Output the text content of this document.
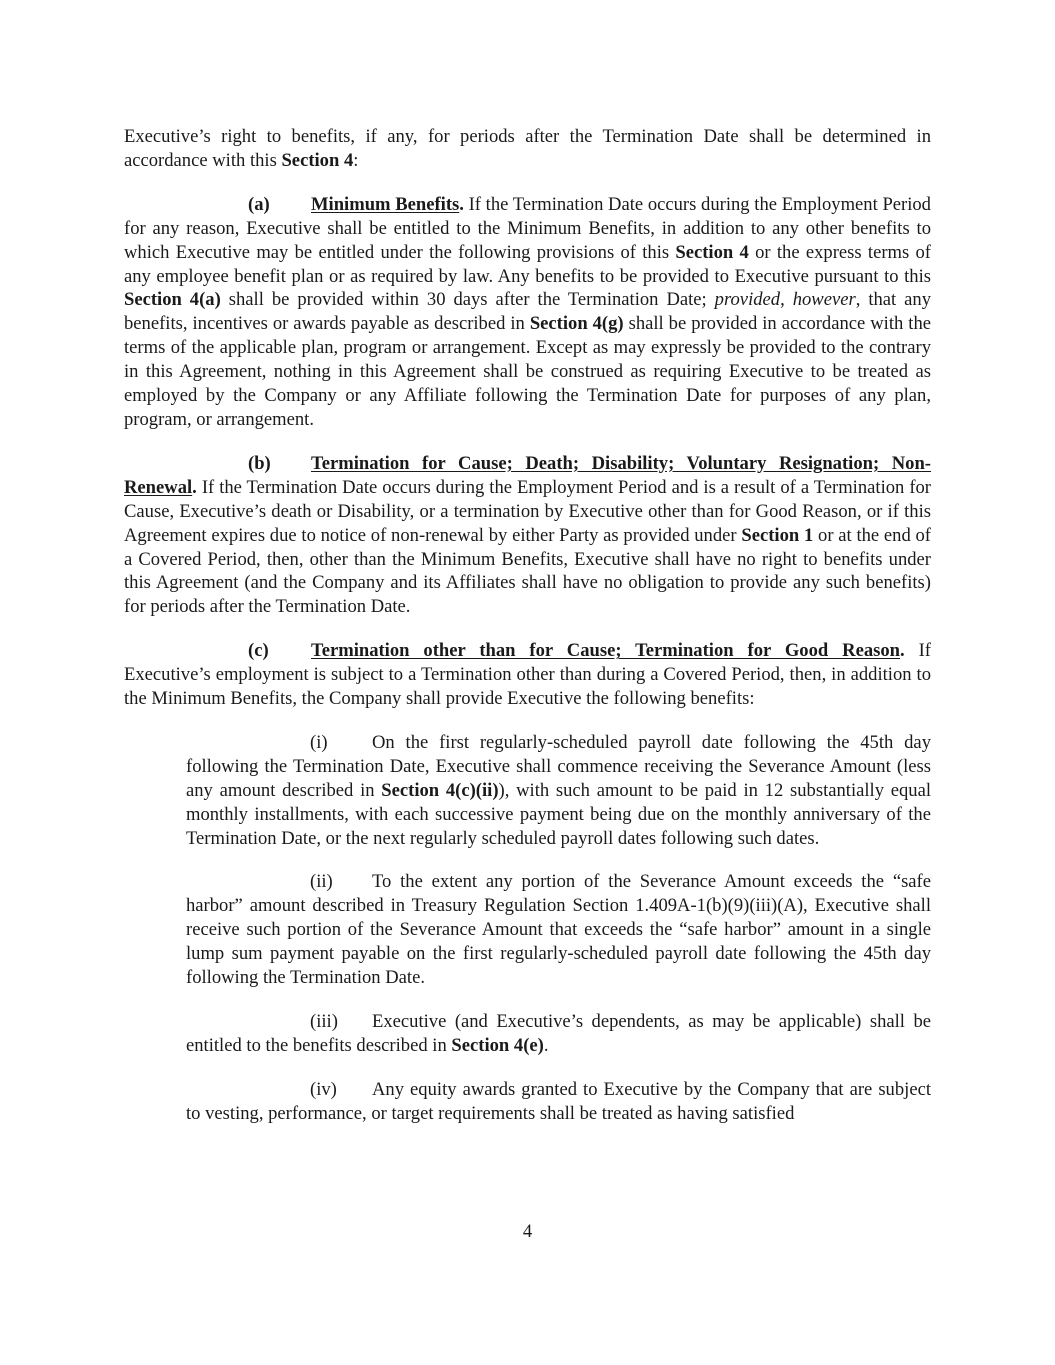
Executive’s right to benefits, if any, for periods after the Termination Date shall be determined in accordance with this Section 4:

(a) Minimum Benefits. If the Termination Date occurs during the Employment Period for any reason, Executive shall be entitled to the Minimum Benefits, in addition to any other benefits to which Executive may be entitled under the following provisions of this Section 4 or the express terms of any employee benefit plan or as required by law. Any benefits to be provided to Executive pursuant to this Section 4(a) shall be provided within 30 days after the Termination Date; provided, however, that any benefits, incentives or awards payable as described in Section 4(g) shall be provided in accordance with the terms of the applicable plan, program or arrangement. Except as may expressly be provided to the contrary in this Agreement, nothing in this Agreement shall be construed as requiring Executive to be treated as employed by the Company or any Affiliate following the Termination Date for purposes of any plan, program, or arrangement.

(b) Termination for Cause; Death; Disability; Voluntary Resignation; Non-Renewal. If the Termination Date occurs during the Employment Period and is a result of a Termination for Cause, Executive’s death or Disability, or a termination by Executive other than for Good Reason, or if this Agreement expires due to notice of non-renewal by either Party as provided under Section 1 or at the end of a Covered Period, then, other than the Minimum Benefits, Executive shall have no right to benefits under this Agreement (and the Company and its Affiliates shall have no obligation to provide any such benefits) for periods after the Termination Date.

(c) Termination other than for Cause; Termination for Good Reason. If Executive’s employment is subject to a Termination other than during a Covered Period, then, in addition to the Minimum Benefits, the Company shall provide Executive the following benefits:

(i) On the first regularly-scheduled payroll date following the 45th day following the Termination Date, Executive shall commence receiving the Severance Amount (less any amount described in Section 4(c)(ii)), with such amount to be paid in 12 substantially equal monthly installments, with each successive payment being due on the monthly anniversary of the Termination Date, or the next regularly scheduled payroll dates following such dates.

(ii) To the extent any portion of the Severance Amount exceeds the “safe harbor” amount described in Treasury Regulation Section 1.409A-1(b)(9)(iii)(A), Executive shall receive such portion of the Severance Amount that exceeds the “safe harbor” amount in a single lump sum payment payable on the first regularly-scheduled payroll date following the 45th day following the Termination Date.

(iii) Executive (and Executive’s dependents, as may be applicable) shall be entitled to the benefits described in Section 4(e).

(iv) Any equity awards granted to Executive by the Company that are subject to vesting, performance, or target requirements shall be treated as having satisfied

4
